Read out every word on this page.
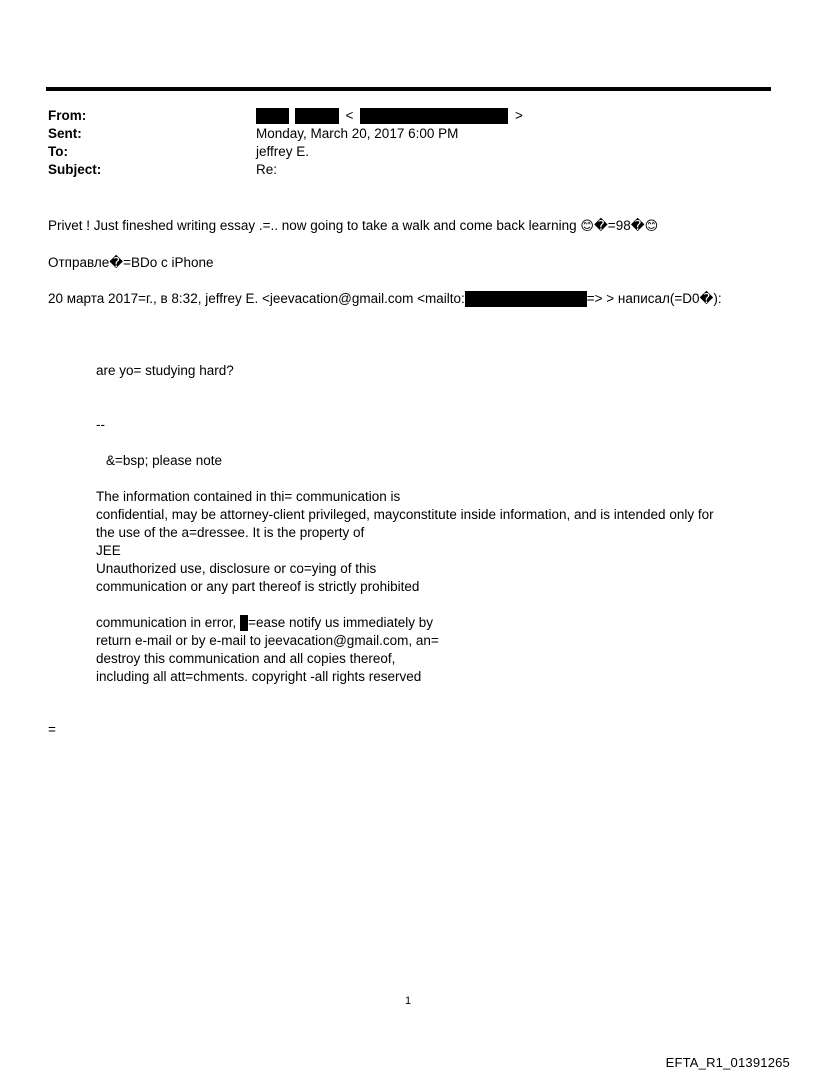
From:	<	>
Sent:	Monday, March 20, 2017 6:00 PM
To:	jeffrey E.
Subject:	Re:
Privet ! Just fineshed writing essay .=.. now going to take a walk and come back learning 😊�=98�😊
Отправле�=BDo с iPhone
20 марта 2017=г., в 8:32, jeffrey E. <jeevacation@gmail.com <mailto:	=> > написал(=D0�):
are yo= studying hard?
--
&=bsp; please note
The information contained in thi= communication is
confidential, may be attorney-client privileged, mayconstitute inside information, and is intended only for
the use of the a=dressee. It is the property of
JEE
Unauthorized use, disclosure or co=ying of this
communication or any part thereof is strictly prohibited
communication in error, =ease notify us immediately by
return e-mail or by e-mail to jeevacation@gmail.com, an=
destroy this communication and all copies thereof,
including all att=chments. copyright -all rights reserved
=
1
EFTA_R1_01391265
